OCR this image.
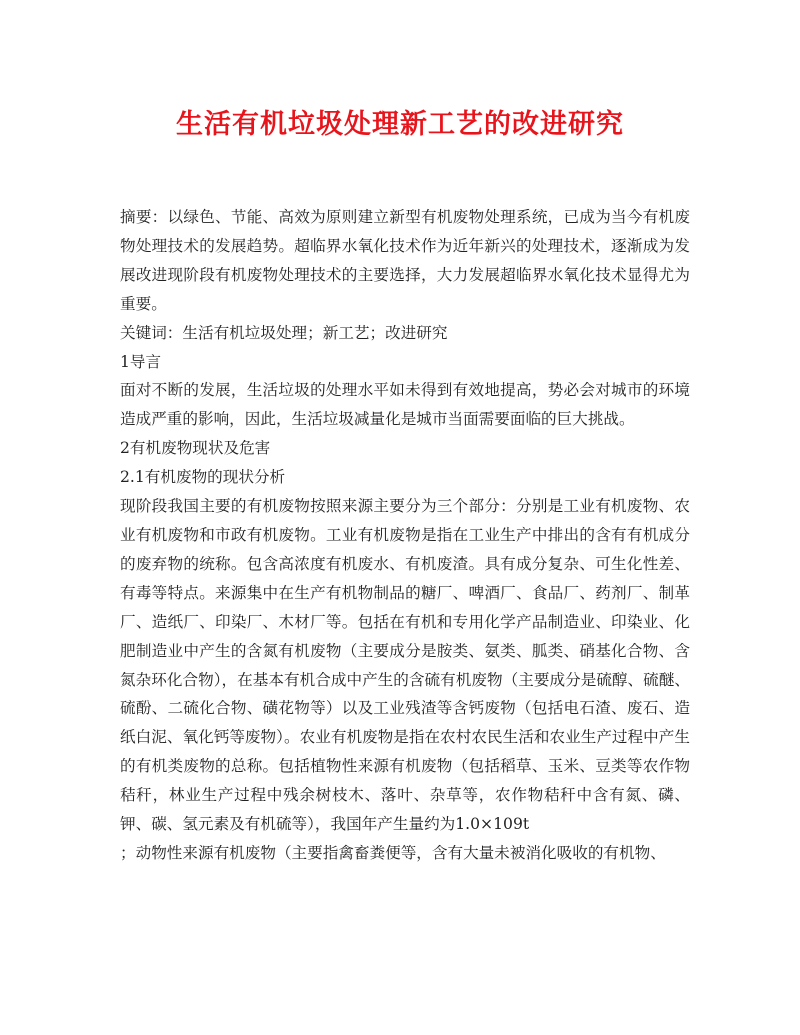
生活有机垃圾处理新工艺的改进研究

摘要：以绿色、节能、高效为原则建立新型有机废物处理系统，已成为当今有机废物处理技术的发展趋势。超临界水氧化技术作为近年新兴的处理技术，逐渐成为发展改进现阶段有机废物处理技术的主要选择，大力发展超临界水氧化技术显得尤为重要。

关键词：生活有机垃圾处理；新工艺；改进研究

1导言

面对不断的发展，生活垃圾的处理水平如未得到有效地提高，势必会对城市的环境造成严重的影响，因此，生活垃圾减量化是城市当面需要面临的巨大挑战。

2有机废物现状及危害

2.1有机废物的现状分析

现阶段我国主要的有机废物按照来源主要分为三个部分：分别是工业有机废物、农业有机废物和市政有机废物。工业有机废物是指在工业生产中排出的含有有机成分的废弃物的统称。包含高浓度有机废水、有机废渣。具有成分复杂、可生化性差、有毒等特点。来源集中在生产有机物制品的糖厂、啤酒厂、食品厂、药剂厂、制革厂、造纸厂、印染厂、木材厂等。包括在有机和专用化学产品制造业、印染业、化肥制造业中产生的含氮有机废物（主要成分是胺类、氨类、胍类、硝基化合物、含氮杂环化合物），在基本有机合成中产生的含硫有机废物（主要成分是硫醇、硫醚、硫酚、二硫化合物、磺花物等）以及工业残渣等含钙废物（包括电石渣、废石、造纸白泥、氧化钙等废物）。农业有机废物是指在农村农民生活和农业生产过程中产生的有机类废物的总称。包括植物性来源有机废物（包括稻草、玉米、豆类等农作物秸秆，林业生产过程中残余树枝木、落叶、杂草等，农作物秸秆中含有氮、磷、钾、碳、氢元素及有机硫等），我国年产生量约为1.0×109t

；动物性来源有机废物（主要指禽畜粪便等，含有大量未被消化吸收的有机物、
